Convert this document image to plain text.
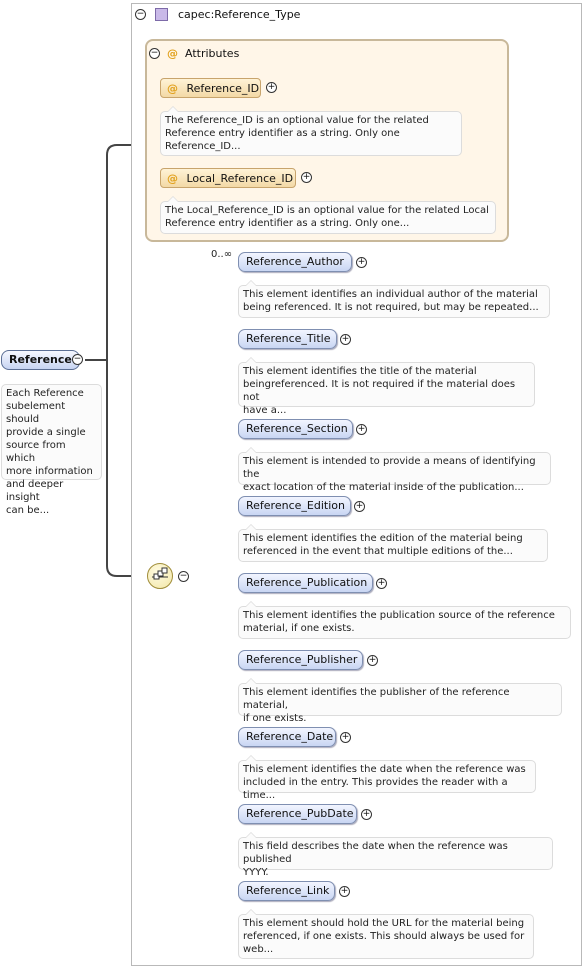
Reference −
Each Reference
subelement should
provide a single
source from which
more information
and deeper insight
can be...
−	capec:Reference_Type
− @ Attributes
@ Reference_ID +
The Reference_ID is an optional value for the related
Reference entry identifier as a string. Only one
Reference_ID...
@ Local_Reference_ID	+
The Local_Reference_ID is an optional value for the related Local
Reference entry identifier as a string. Only one...
−
0..∞
Reference_Author	+
This element identifies an individual author of the material
being referenced. It is not required, but may be repeated...
Reference_Title	+
This element identifies the title of the material
beingreferenced. It is not required if the material does not
have a...
Reference_Section	+
This element is intended to provide a means of identifying the
exact location of the material inside of the publication...
Reference_Edition	+
This element identifies the edition of the material being
referenced in the event that multiple editions of the...
Reference_Publication	+
This element identifies the publication source of the reference
material, if one exists.
Reference_Publisher	+
This element identifies the publisher of the reference material,
if one exists.
Reference_Date +
This element identifies the date when the reference was
included in the entry. This provides the reader with a time...
Reference_PubDate	+
This field describes the date when the reference was published
YYYY.
Reference_Link	+
This element should hold the URL for the material being
referenced, if one exists. This should always be used for
web...
